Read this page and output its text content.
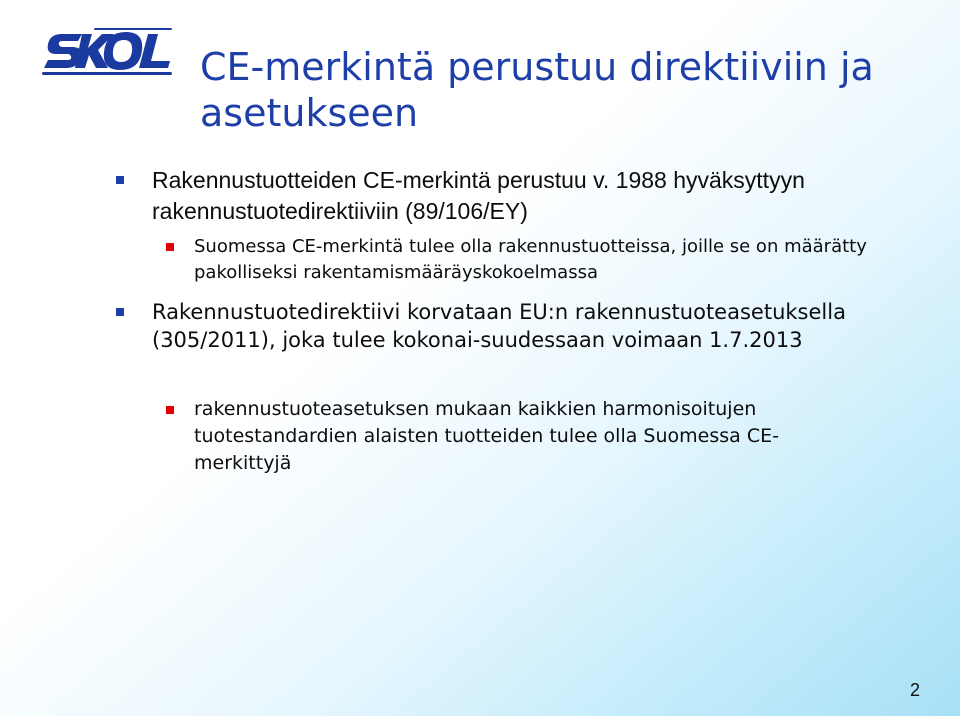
SKOL
CE-merkintä perustuu direktiiviin ja asetukseen
Rakennustuotteiden CE-merkintä perustuu v. 1988 hyväksyttyyn rakennustuotedirektiiviin (89/106/EY)
Suomessa CE-merkintä tulee olla rakennustuotteissa, joille se on määrätty pakolliseksi rakentamismääräyskokoelmassa
Rakennustuotedirektiivi korvataan EU:n rakennustuoteasetuksella (305/2011), joka tulee kokonai-suudessaan voimaan 1.7.2013
rakennustuoteasetuksen mukaan kaikkien harmonisoitujen tuotestandardien alaisten tuotteiden tulee olla Suomessa CE-merkittyjä
2
